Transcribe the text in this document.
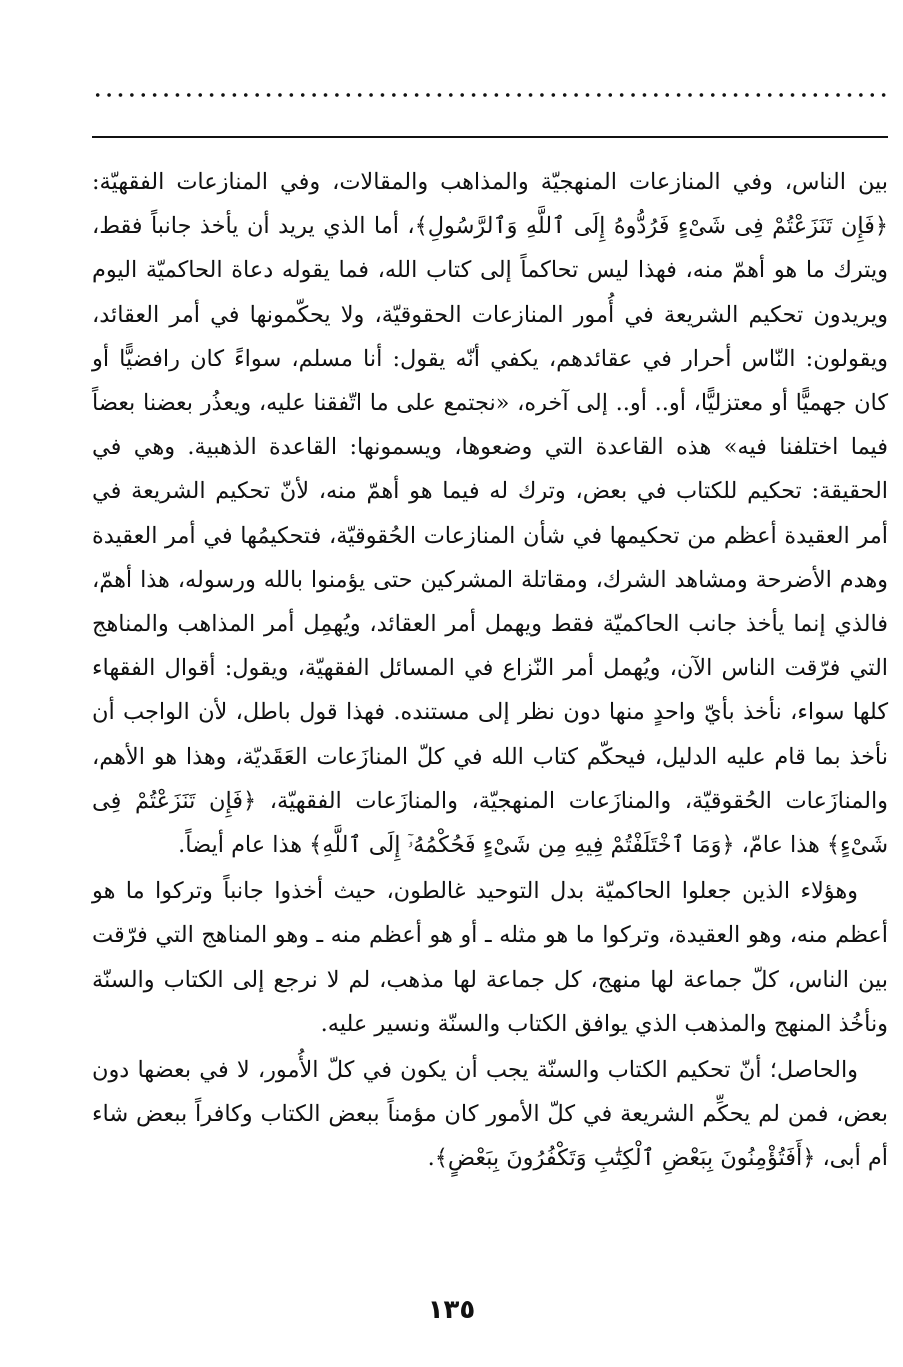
بين الناس، وفي المنازعات المنهجيّة والمذاهب والمقالات، وفي المنازعات الفقهيّة: ﴿فَإِن تَنَزَعْتُمْ فِى شَىْءٍ فَرُدُّوهُ إِلَى ٱللَّهِ وَٱلرَّسُولِ﴾، أما الذي يريد أن يأخذ جانباً فقط، ويترك ما هو أهمّ منه، فهذا ليس تحاكماً إلى كتاب الله، فما يقوله دعاة الحاكميّة اليوم ويريدون تحكيم الشريعة في أُمور المنازعات الحقوقيّة، ولا يحكّمونها في أمر العقائد، ويقولون: النّاس أحرار في عقائدهم، يكفي أنّه يقول: أنا مسلم، سواءً كان رافضيًّا أو كان جهميًّا أو معتزليًّا، أو.. أو.. إلى آخره، «نجتمع على ما اتّفقنا عليه، ويعذُر بعضنا بعضاً فيما اختلفنا فيه» هذه القاعدة التي وضعوها، ويسمونها: القاعدة الذهبية. وهي في الحقيقة: تحكيم للكتاب في بعض، وترك له فيما هو أهمّ منه، لأنّ تحكيم الشريعة في أمر العقيدة أعظم من تحكيمها في شأن المنازعات الحُقوقيّة، فتحكيمُها في أمر العقيدة وهدم الأضرحة ومشاهد الشرك، ومقاتلة المشركين حتى يؤمنوا بالله ورسوله، هذا أهمّ، فالذي إنما يأخذ جانب الحاكميّة فقط ويهمل أمر العقائد، ويُهمِل أمر المذاهب والمناهج التي فرّقت الناس الآن، ويُهمل أمر النّزاع في المسائل الفقهيّة، ويقول: أقوال الفقهاء كلها سواء، نأخذ بأيّ واحدٍ منها دون نظر إلى مستنده. فهذا قول باطل، لأن الواجب أن نأخذ بما قام عليه الدليل، فيحكّم كتاب الله في كلّ المنازَعات العَقَديّة، وهذا هو الأهم، والمنازَعات الحُقوقيّة، والمنازَعات المنهجيّة، والمنازَعات الفقهيّة، ﴿فَإِن تَنَزَعْتُمْ فِى شَىْءٍ﴾ هذا عامّ، ﴿وَمَا ٱخْتَلَفْتُمْ فِيهِ مِن شَىْءٍ فَحُكْمُهُۥٓ إِلَى ٱللَّهِ﴾ هذا عام أيضاً.

وهؤلاء الذين جعلوا الحاكميّة بدل التوحيد غالطون، حيث أخذوا جانباً وتركوا ما هو أعظم منه، وهو العقيدة، وتركوا ما هو مثله ـ أو هو أعظم منه ـ وهو المناهج التي فرّقت بين الناس، كلّ جماعة لها منهج، كل جماعة لها مذهب، لم لا نرجع إلى الكتاب والسنّة ونأخُذ المنهج والمذهب الذي يوافق الكتاب والسنّة ونسير عليه.

والحاصل؛ أنّ تحكيم الكتاب والسنّة يجب أن يكون في كلّ الأُمور، لا في بعضها دون بعض، فمن لم يحكِّم الشريعة في كلّ الأمور كان مؤمناً ببعض الكتاب وكافراً ببعض شاء أم أبى، ﴿أَفَتُؤْمِنُونَ بِبَعْضِ ٱلْكِتَٰبِ وَتَكْفُرُونَ بِبَعْضٍ﴾.

١٣٥
